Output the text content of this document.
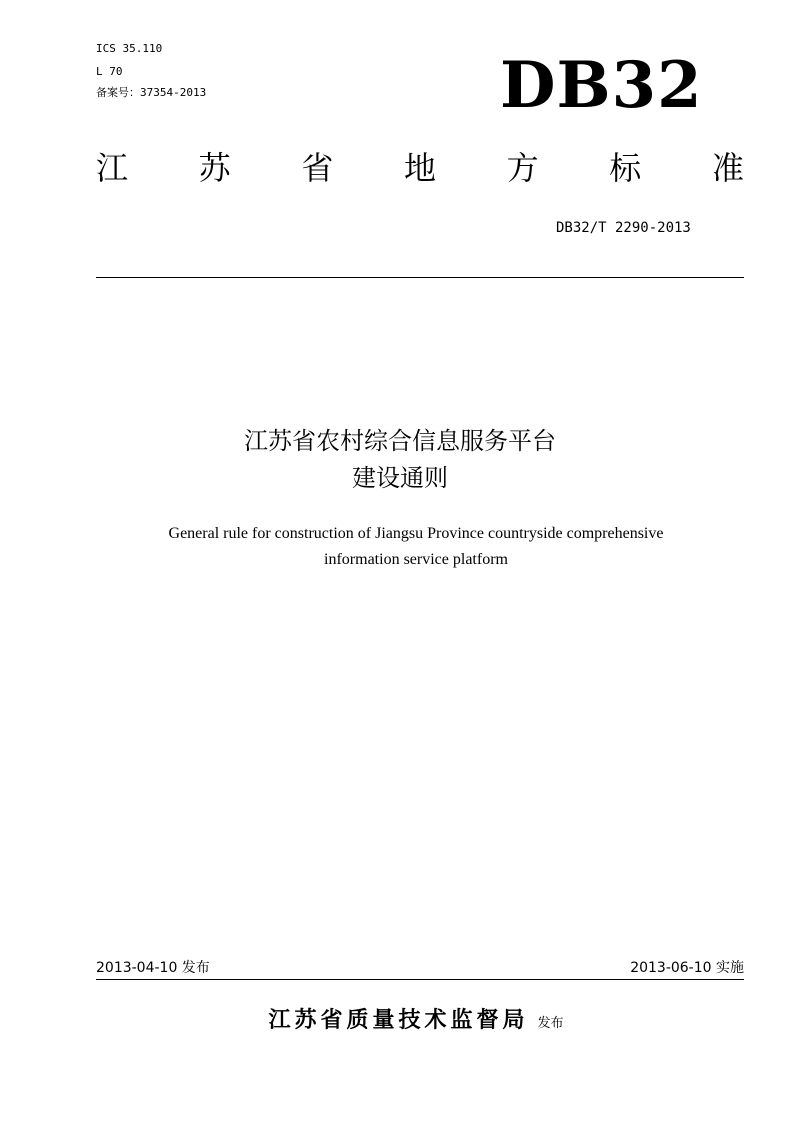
ICS 35.110
L 70
备案号：37354-2013	DB32
江 苏 省 地 方 标 准
DB32/T 2290-2013
江苏省农村综合信息服务平台
建设通则
General rule for construction of Jiangsu Province countryside comprehensive
information service platform
2013-04-10 发布	2013-06-10 实施
江苏省质量技术监督局 发布
